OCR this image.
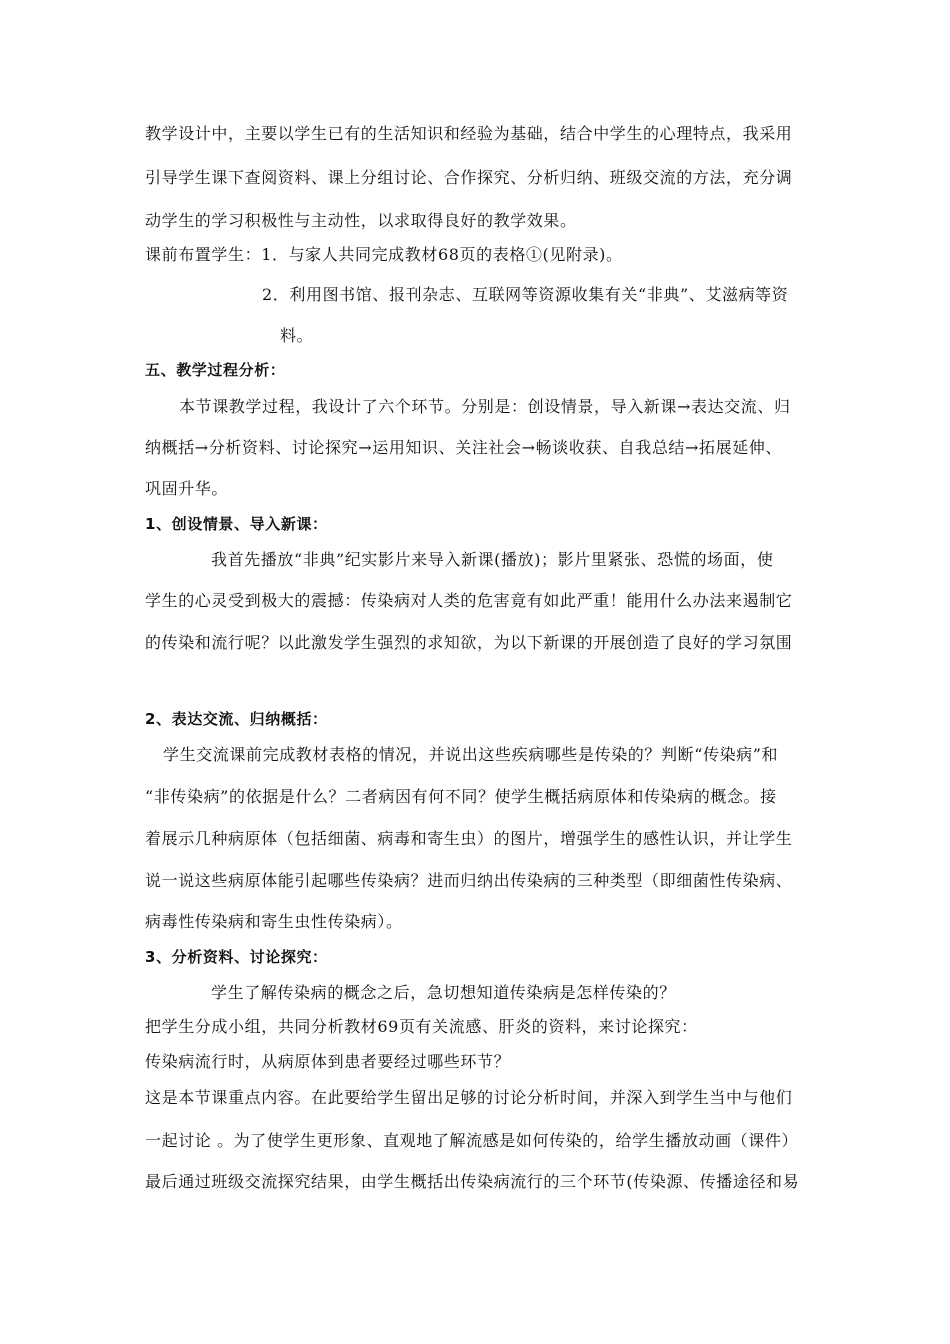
教学设计中，主要以学生已有的生活知识和经验为基础，结合中学生的心理特点，我采用
引导学生课下查阅资料、课上分组讨论、合作探究、分析归纳、班级交流的方法，充分调
动学生的学习积极性与主动性，以求取得良好的教学效果。
课前布置学生：1．与家人共同完成教材68页的表格①(见附录)。
2．利用图书馆、报刊杂志、互联网等资源收集有关“非典”、艾滋病等资
料。
五、教学过程分析：
本节课教学过程，我设计了六个环节。分别是：创设情景，导入新课→表达交流、归
纳概括→分析资料、讨论探究→运用知识、关注社会→畅谈收获、自我总结→拓展延伸、
巩固升华。
1、创设情景、导入新课：
我首先播放“非典”纪实影片来导入新课(播放)；影片里紧张、恐慌的场面，使
学生的心灵受到极大的震撼：传染病对人类的危害竟有如此严重！能用什么办法来遏制它
的传染和流行呢？以此激发学生强烈的求知欲，为以下新课的开展创造了良好的学习氛围
2、表达交流、归纳概括：
学生交流课前完成教材表格的情况，并说出这些疾病哪些是传染的？判断“传染病”和
“非传染病”的依据是什么？二者病因有何不同？使学生概括病原体和传染病的概念。接
着展示几种病原体（包括细菌、病毒和寄生虫）的图片，增强学生的感性认识，并让学生
说一说这些病原体能引起哪些传染病？进而归纳出传染病的三种类型（即细菌性传染病、
病毒性传染病和寄生虫性传染病）。
3、分析资料、讨论探究：
学生了解传染病的概念之后，急切想知道传染病是怎样传染的？
把学生分成小组，共同分析教材69页有关流感、肝炎的资料，来讨论探究：
传染病流行时，从病原体到患者要经过哪些环节？
这是本节课重点内容。在此要给学生留出足够的讨论分析时间，并深入到学生当中与他们
一起讨论 。为了使学生更形象、直观地了解流感是如何传染的，给学生播放动画（课件）
最后通过班级交流探究结果，由学生概括出传染病流行的三个环节(传染源、传播途径和易
